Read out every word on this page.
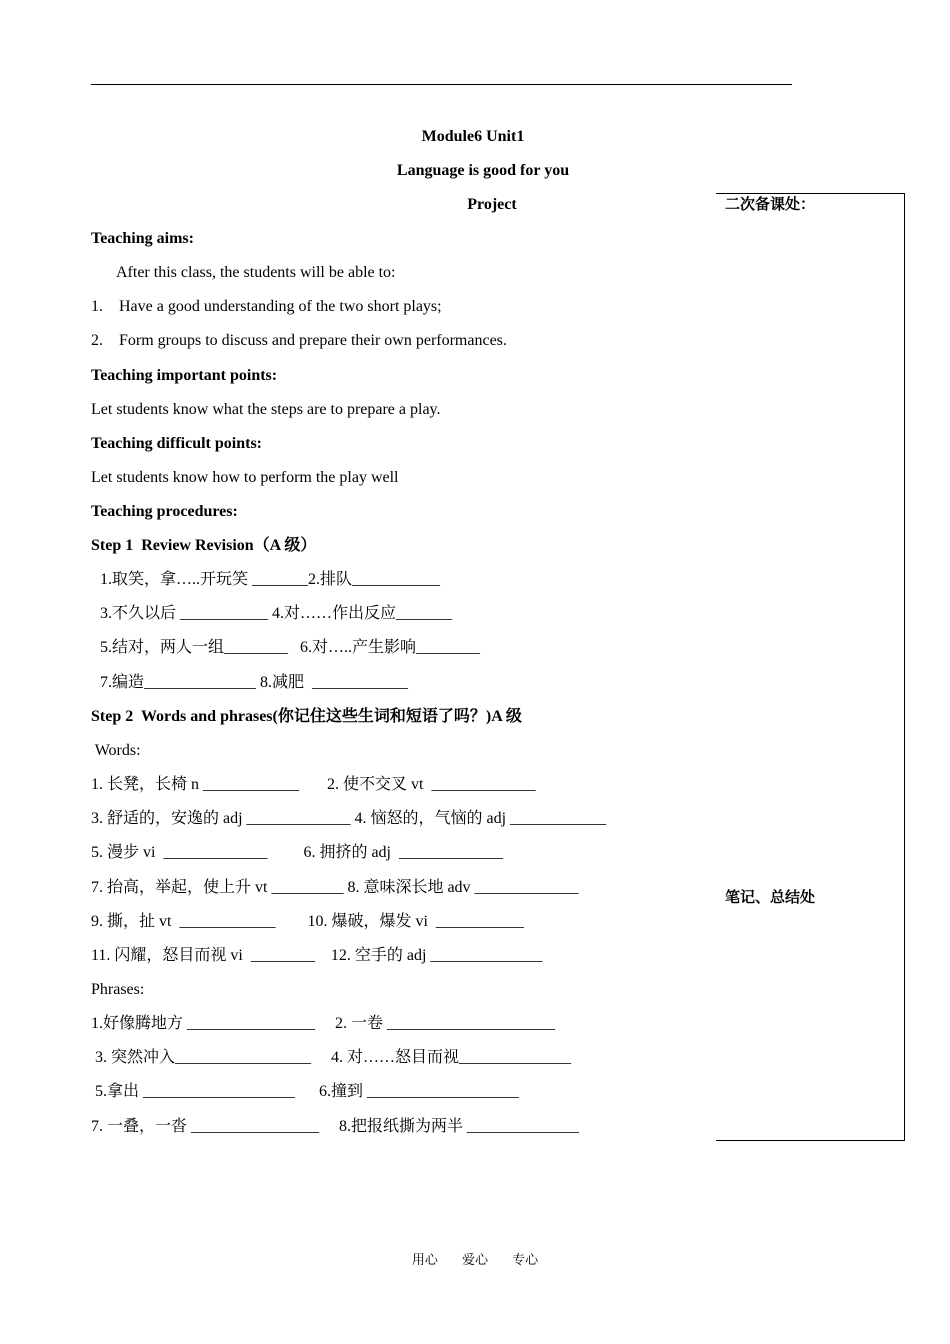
二次备课处：
笔记、总结处
Module6 Unit1
Language is good for you
Project
Teaching aims:
After this class, the students will be able to:
1.    Have a good understanding of the two short plays;
2.    Form groups to discuss and prepare their own performances.
Teaching important points:
Let students know what the steps are to prepare a play.
Teaching difficult points:
Let students know how to perform the play well
Teaching procedures:
Step 1  Review Revision（A 级）
1.取笑，拿…..开玩笑 _______2.排队___________
3.不久以后 ___________ 4.对……作出反应_______
5.结对，两人一组________   6.对…..产生影响________
7.编造______________ 8.减肥  ____________
Step 2  Words and phrases(你记住这些生词和短语了吗？)A 级
Words:
1. 长凳，长椅 n ____________       2. 使不交叉 vt  _____________
3. 舒适的，安逸的 adj _____________ 4. 恼怒的，气恼的 adj ____________
5. 漫步 vi  _____________         6. 拥挤的 adj  _____________
7. 抬高，举起，使上升 vt _________ 8. 意味深长地 adv _____________
9. 撕，扯 vt  ____________        10. 爆破，爆发 vi  ___________
11. 闪耀，怒目而视 vi  ________    12. 空手的 adj ______________
Phrases:
1.好像腾地方 ________________     2. 一卷 _____________________
3. 突然冲入_________________     4. 对……怒目而视______________
5.拿出 ___________________      6.撞到 ___________________
7. 一叠，一沓 ________________     8.把报纸撕为两半 ______________
用心 爱心 专心
